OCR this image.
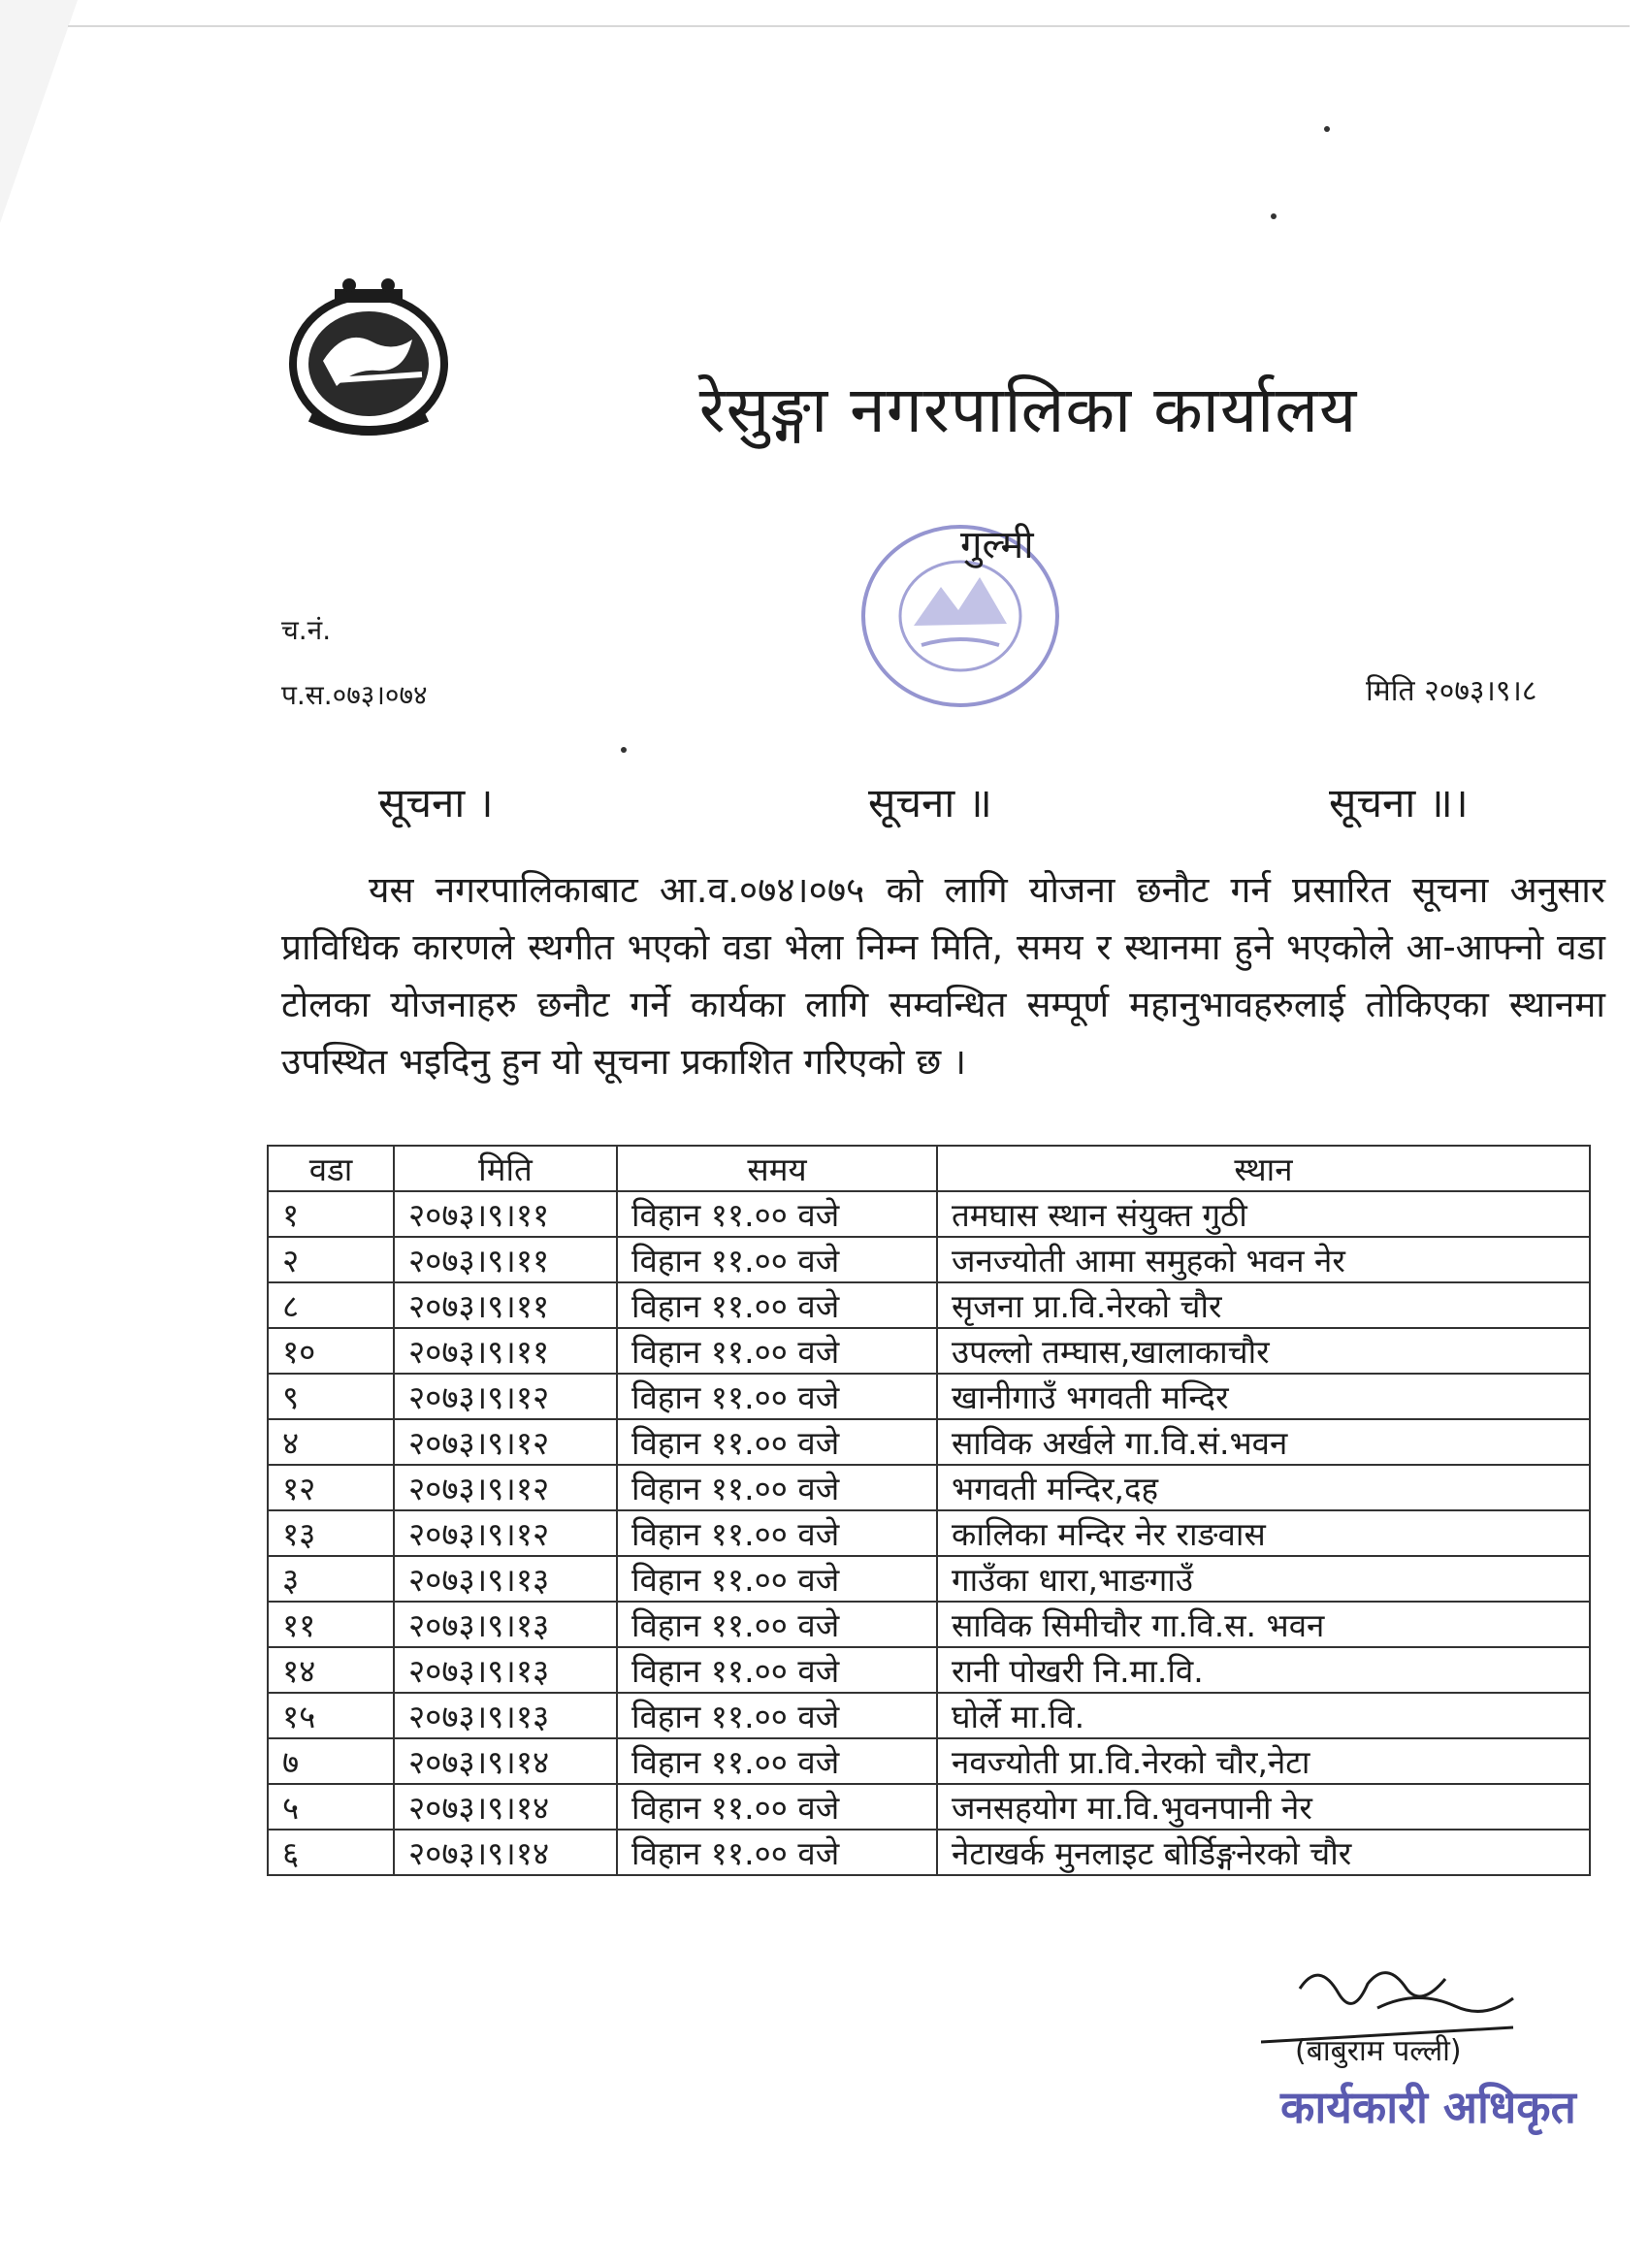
रेसुङ्गा नगरपालिका कार्यालय
गुल्मी
च.नं.
प.स.०७३।०७४	मिति २०७३।९।८
सूचना ।	सूचना ॥	सूचना ॥।
यस नगरपालिकाबाट आ.व.०७४।०७५ को लागि योजना छनौट गर्न प्रसारित सूचना अनुसार प्राविधिक कारणले स्थगीत भएको वडा भेला निम्न मिति, समय र स्थानमा हुने भएकोले आ-आफ्नो वडा टोलका योजनाहरु छनौट गर्ने कार्यका लागि सम्वन्धित सम्पूर्ण महानुभावहरुलाई तोकिएका स्थानमा उपस्थित भइदिनु हुन यो सूचना प्रकाशित गरिएको छ ।
वडा	मिति	समय	स्थान
१	२०७३।९।११	विहान ११.०० वजे	तमघास स्थान संयुक्त गुठी
२	२०७३।९।११	विहान ११.०० वजे	जनज्योती आमा समुहको भवन नेर
८	२०७३।९।११	विहान ११.०० वजे	सृजना प्रा.वि.नेरको चौर
१०	२०७३।९।११	विहान ११.०० वजे	उपल्लो तम्घास,खालाकाचौर
९	२०७३।९।१२	विहान ११.०० वजे	खानीगाउँ भगवती मन्दिर
४	२०७३।९।१२	विहान ११.०० वजे	साविक अर्खले गा.वि.सं.भवन
१२	२०७३।९।१२	विहान ११.०० वजे	भगवती मन्दिर,दह
१३	२०७३।९।१२	विहान ११.०० वजे	कालिका मन्दिर नेर राङवास
३	२०७३।९।१३	विहान ११.०० वजे	गाउँका धारा,भाङगाउँ
११	२०७३।९।१३	विहान ११.०० वजे	साविक सिमीचौर गा.वि.स. भवन
१४	२०७३।९।१३	विहान ११.०० वजे	रानी पोखरी नि.मा.वि.
१५	२०७३।९।१३	विहान ११.०० वजे	घोर्ले मा.वि.
७	२०७३।९।१४	विहान ११.०० वजे	नवज्योती प्रा.वि.नेरको चौर,नेटा
५	२०७३।९।१४	विहान ११.०० वजे	जनसहयोग मा.वि.भुवनपानी नेर
६	२०७३।९।१४	विहान ११.०० वजे	नेटाखर्क मुनलाइट बोर्डिङ्गनेरको चौर
(बाबुराम पल्ली)
कार्यकारी अधिकृत
